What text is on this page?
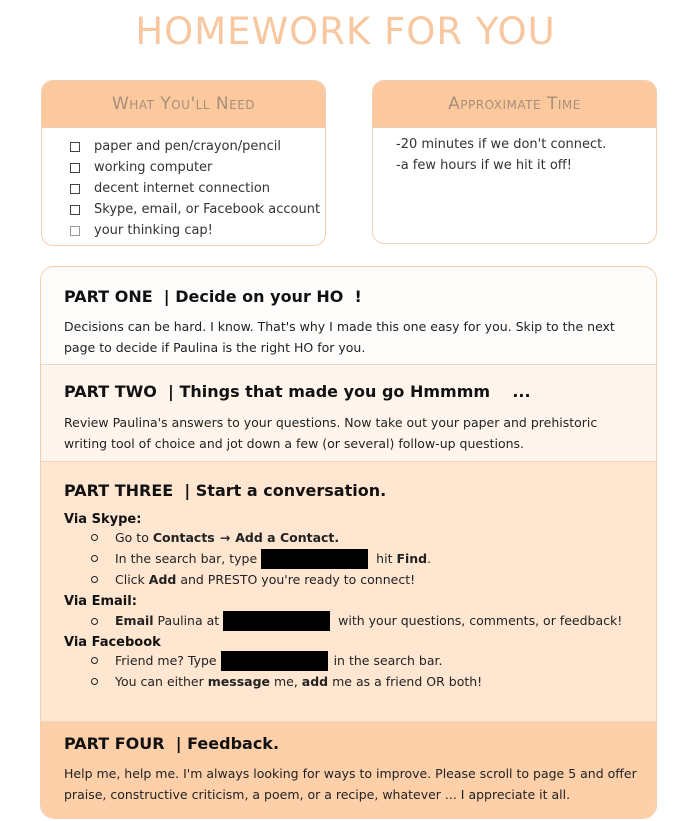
HOMEWORK FOR YOU
What You'll Need
paper and pen/crayon/pencil
working computer
decent internet connection
Skype, email, or Facebook account
your thinking cap!
Approximate Time
-20 minutes if we don't connect.
-a few hours if we hit it off!
PART ONE  | Decide on your HO  !
Decisions can be hard. I know. That's why I made this one easy for you. Skip to the next page to decide if Paulina is the right HO for you.
PART TWO  | Things that made you go Hmmmm    ...
Review Paulina's answers to your questions. Now take out your paper and prehistoric writing tool of choice and jot down a few (or several) follow-up questions.
PART THREE  | Start a conversation.
Via Skype:
Go to Contacts → Add a Contact.
In the search bar, type	hit Find .
Click Add and PRESTO you're ready to connect!
Via Email:
Email Paulina at	with your questions, comments, or feedback!
Via Facebook
Friend me? Type	in the search bar.
You can either message me, add me as a friend OR both!
PART FOUR  | Feedback.
Help me, help me. I'm always looking for ways to improve. Please scroll to page 5 and offer praise, constructive criticism, a poem, or a recipe, whatever ... I appreciate it all.
